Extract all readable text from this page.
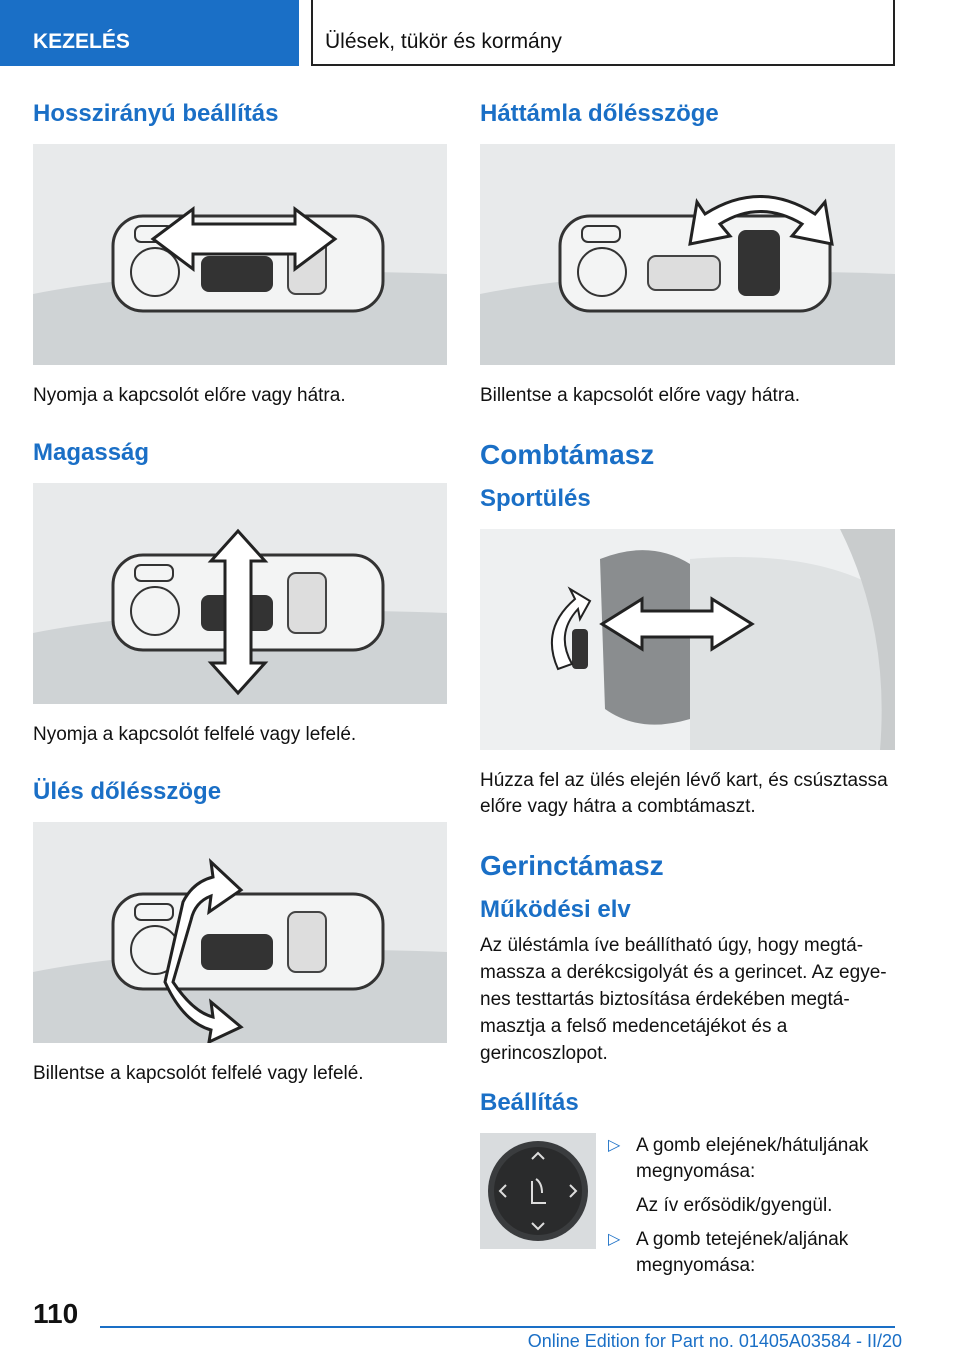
KEZELÉS	Ülések, tükör és kormány
Hosszirányú beállítás

Nyomja a kapcsolót előre vagy hátra.

Magasság

Nyomja a kapcsolót felfelé vagy lefelé.

Ülés dőlésszöge

Billentse a kapcsolót felfelé vagy lefelé.

Háttámla dőlésszöge

Billentse a kapcsolót előre vagy hátra.

Combtámasz
Sportülés

Húzza fel az ülés elején lévő kart, és csúsztassa előre vagy hátra a combtámaszt.

Gerinctámasz
Működési elv

Az üléstámla íve beállítható úgy, hogy megtámassza a derékcsigolyát és a gerincet. Az egyenes testtartás biztosítása érdekében megtámasztja a felső medencetájékot és a gerincoszlopot.

Beállítás
▷ A gomb elejének/hátuljának megnyomása:
Az ív erősödik/gyengül.
▷ A gomb tetejének/aljának megnyomása:
110
Online Edition for Part no. 01405A03584 - II/20
